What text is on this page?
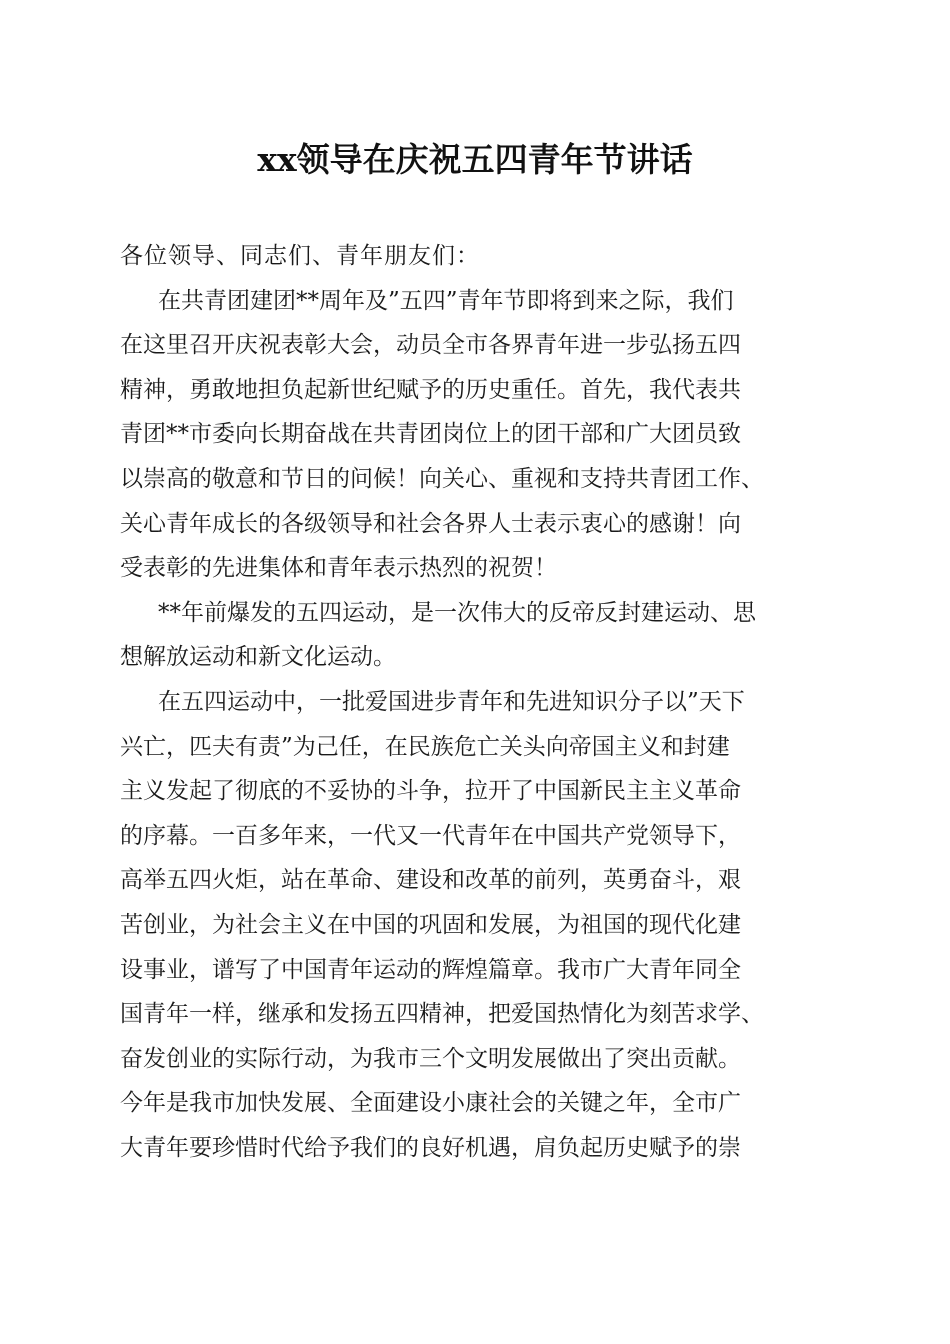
xx领导在庆祝五四青年节讲话
各位领导、同志们、青年朋友们：
在共青团建团**周年及”五四”青年节即将到来之际，我们
在这里召开庆祝表彰大会，动员全市各界青年进一步弘扬五四
精神，勇敢地担负起新世纪赋予的历史重任。首先，我代表共
青团**市委向长期奋战在共青团岗位上的团干部和广大团员致
以崇高的敬意和节日的问候！向关心、重视和支持共青团工作、
关心青年成长的各级领导和社会各界人士表示衷心的感谢！向
受表彰的先进集体和青年表示热烈的祝贺！
**年前爆发的五四运动，是一次伟大的反帝反封建运动、思
想解放运动和新文化运动。
在五四运动中，一批爱国进步青年和先进知识分子以”天下
兴亡，匹夫有责”为己任，在民族危亡关头向帝国主义和封建
主义发起了彻底的不妥协的斗争，拉开了中国新民主主义革命
的序幕。一百多年来，一代又一代青年在中国共产党领导下，
高举五四火炬，站在革命、建设和改革的前列，英勇奋斗，艰
苦创业，为社会主义在中国的巩固和发展，为祖国的现代化建
设事业，谱写了中国青年运动的辉煌篇章。我市广大青年同全
国青年一样，继承和发扬五四精神，把爱国热情化为刻苦求学、
奋发创业的实际行动，为我市三个文明发展做出了突出贡献。
今年是我市加快发展、全面建设小康社会的关键之年，全市广
大青年要珍惜时代给予我们的良好机遇，肩负起历史赋予的崇
